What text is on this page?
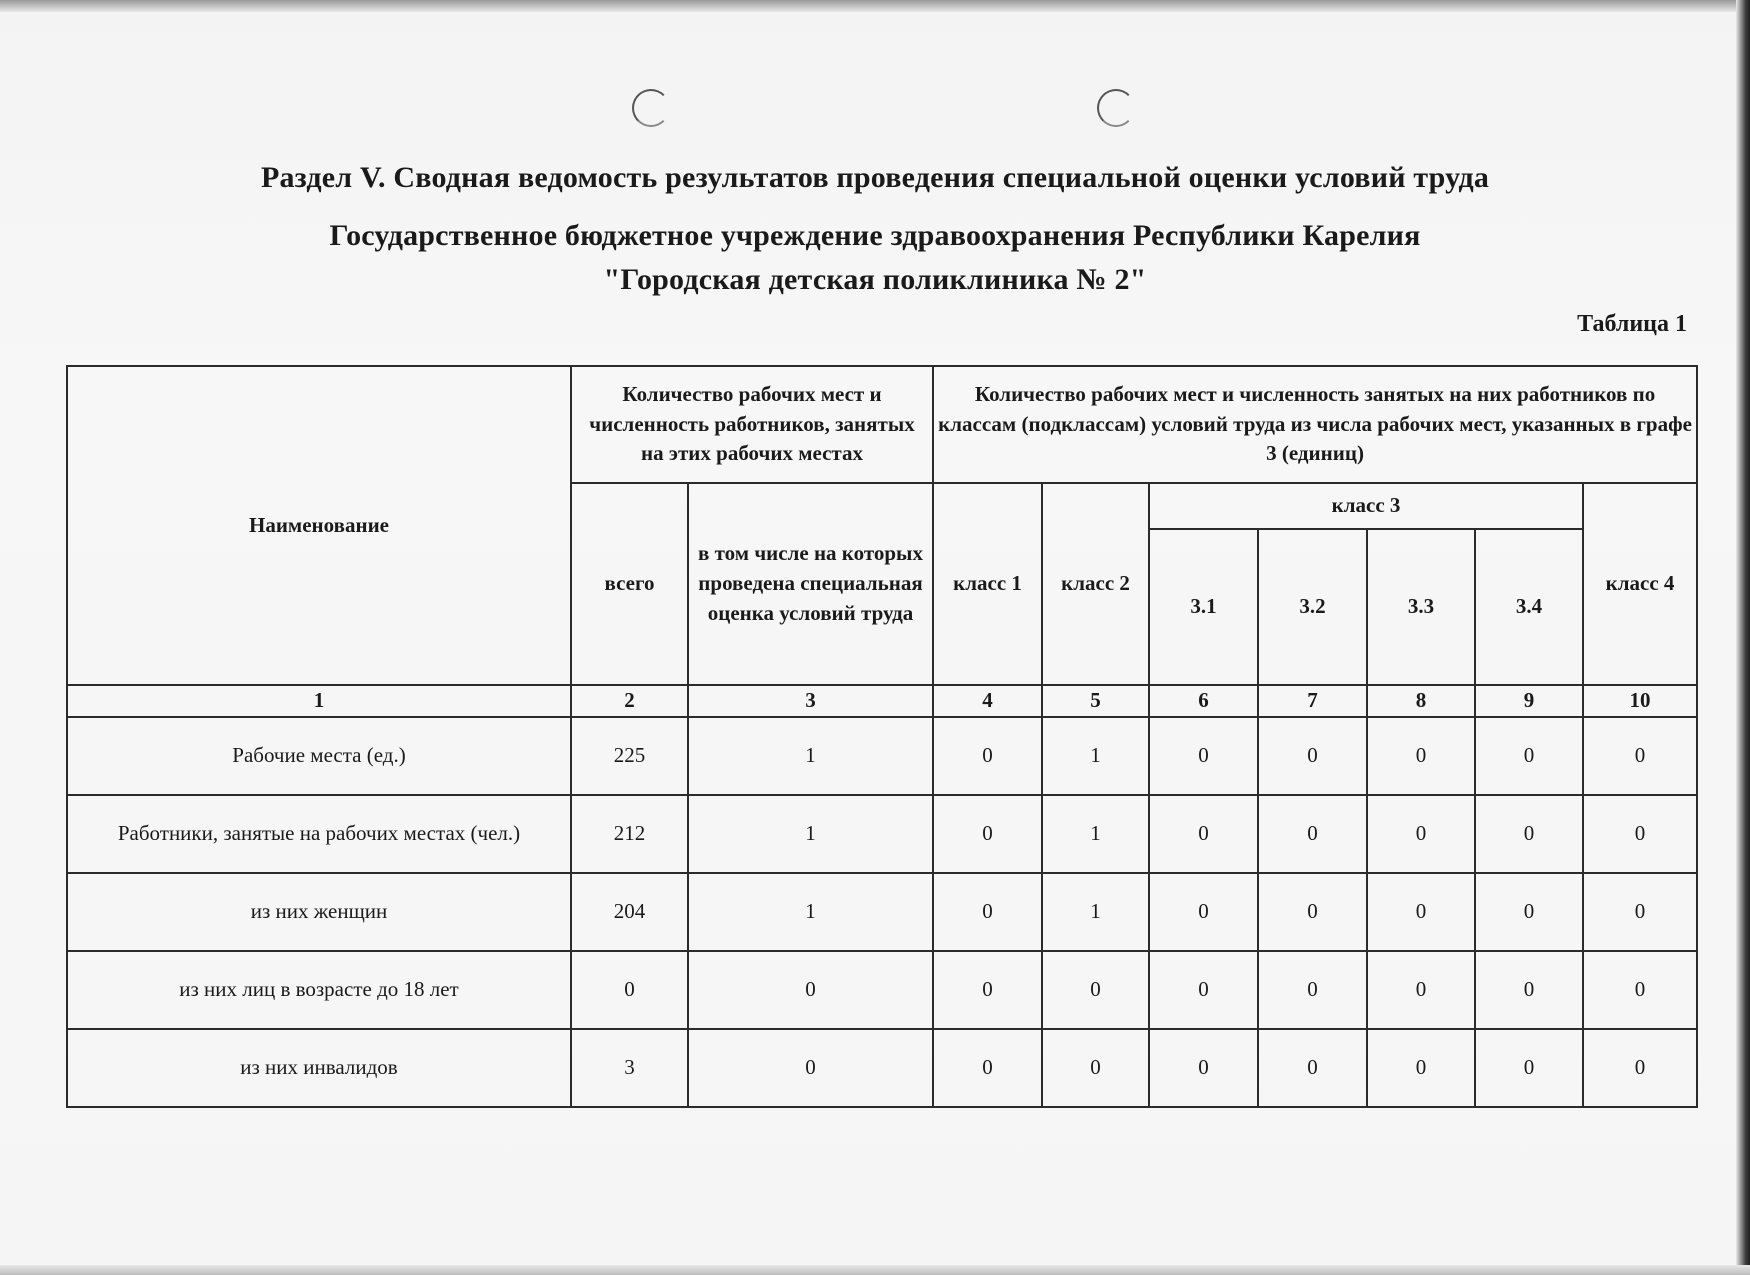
Раздел V. Сводная ведомость результатов проведения специальной оценки условий труда
Государственное бюджетное учреждение здравоохранения Республики Карелия
"Городская детская поликлиника № 2"
Таблица 1
Наименование	Количество рабочих мест и численность работников, занятых на этих рабочих местах		Количество рабочих мест и численность занятых на них работников по классам (подклассам) условий труда из числа рабочих мест, указанных в графе 3 (единиц)						
	всего	в том числе на которых проведена специальная оценка условий труда	класс 1	класс 2	класс 3				класс 4
					3.1	3.2	3.3	3.4	
1	2	3	4	5	6	7	8	9	10
Рабочие места (ед.)	225	1	0	1	0	0	0	0	0
Работники, занятые на рабочих местах (чел.)	212	1	0	1	0	0	0	0	0
из них женщин	204	1	0	1	0	0	0	0	0
из них лиц в возрасте до 18 лет	0	0	0	0	0	0	0	0	0
из них инвалидов	3	0	0	0	0	0	0	0	0
